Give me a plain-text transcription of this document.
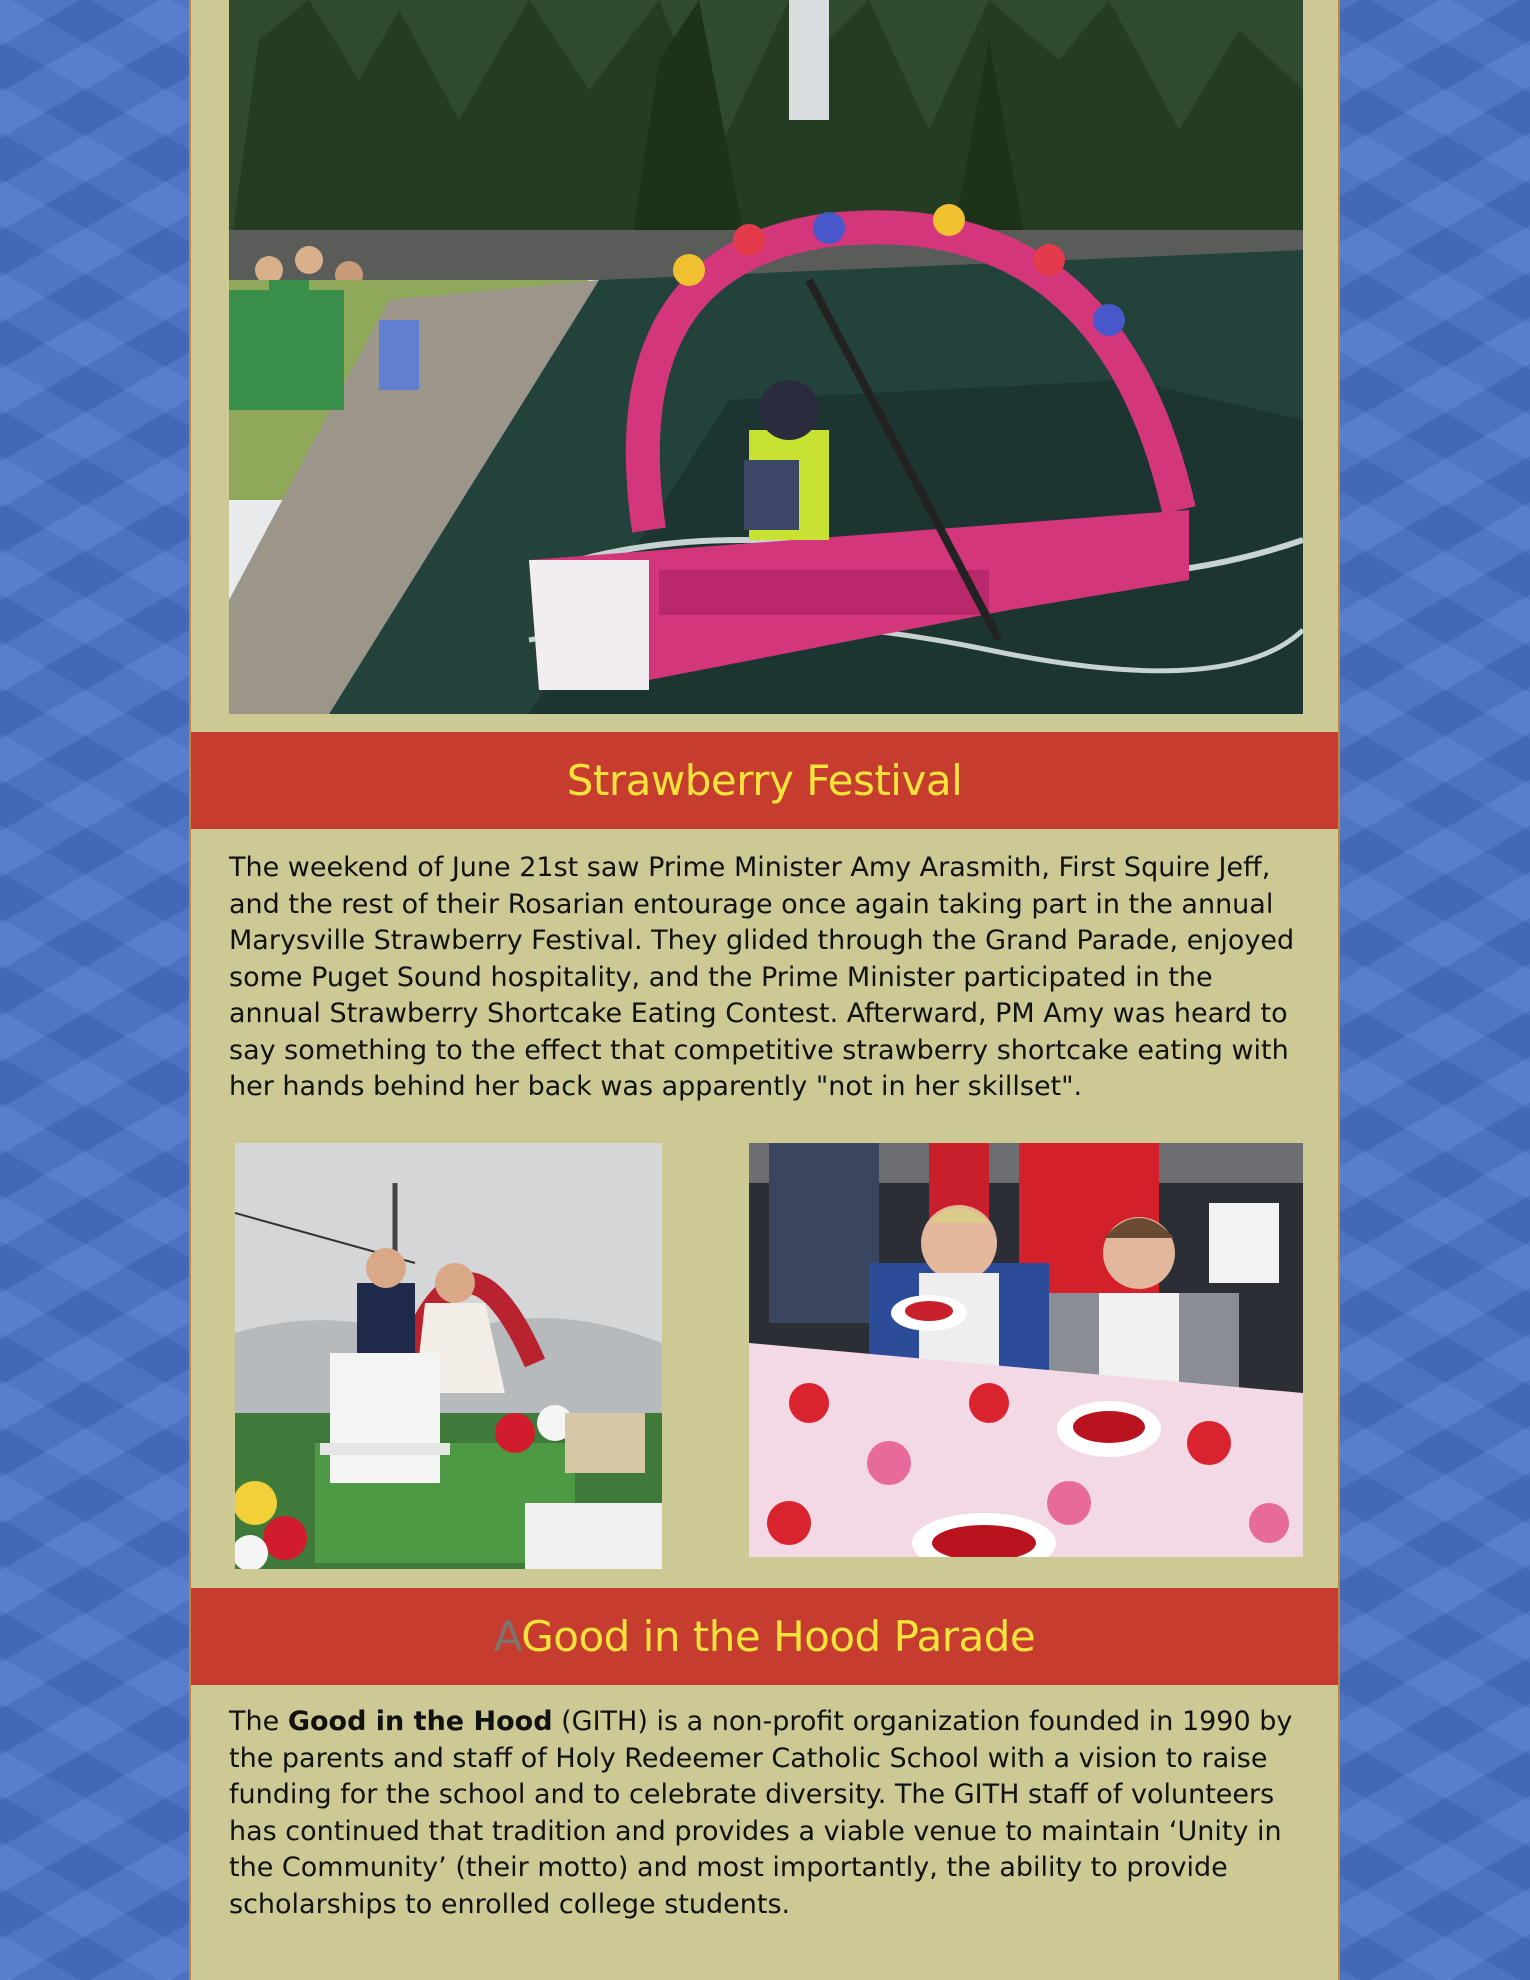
Strawberry Festival

The weekend of June 21st saw Prime Minister Amy Arasmith, First Squire Jeff, and the rest of their Rosarian entourage once again taking part in the annual Marysville Strawberry Festival. They glided through the Grand Parade, enjoyed some Puget Sound hospitality, and the Prime Minister participated in the annual Strawberry Shortcake Eating Contest. Afterward, PM Amy was heard to say something to the effect that competitive strawberry shortcake eating with her hands behind her back was apparently "not in her skillset".

AGood in the Hood Parade

The Good in the Hood (GITH) is a non-profit organization founded in 1990 by the parents and staff of Holy Redeemer Catholic School with a vision to raise funding for the school and to celebrate diversity. The GITH staff of volunteers has continued that tradition and provides a viable venue to maintain ‘Unity in the Community’ (their motto) and most importantly, the ability to provide scholarships to enrolled college students.
